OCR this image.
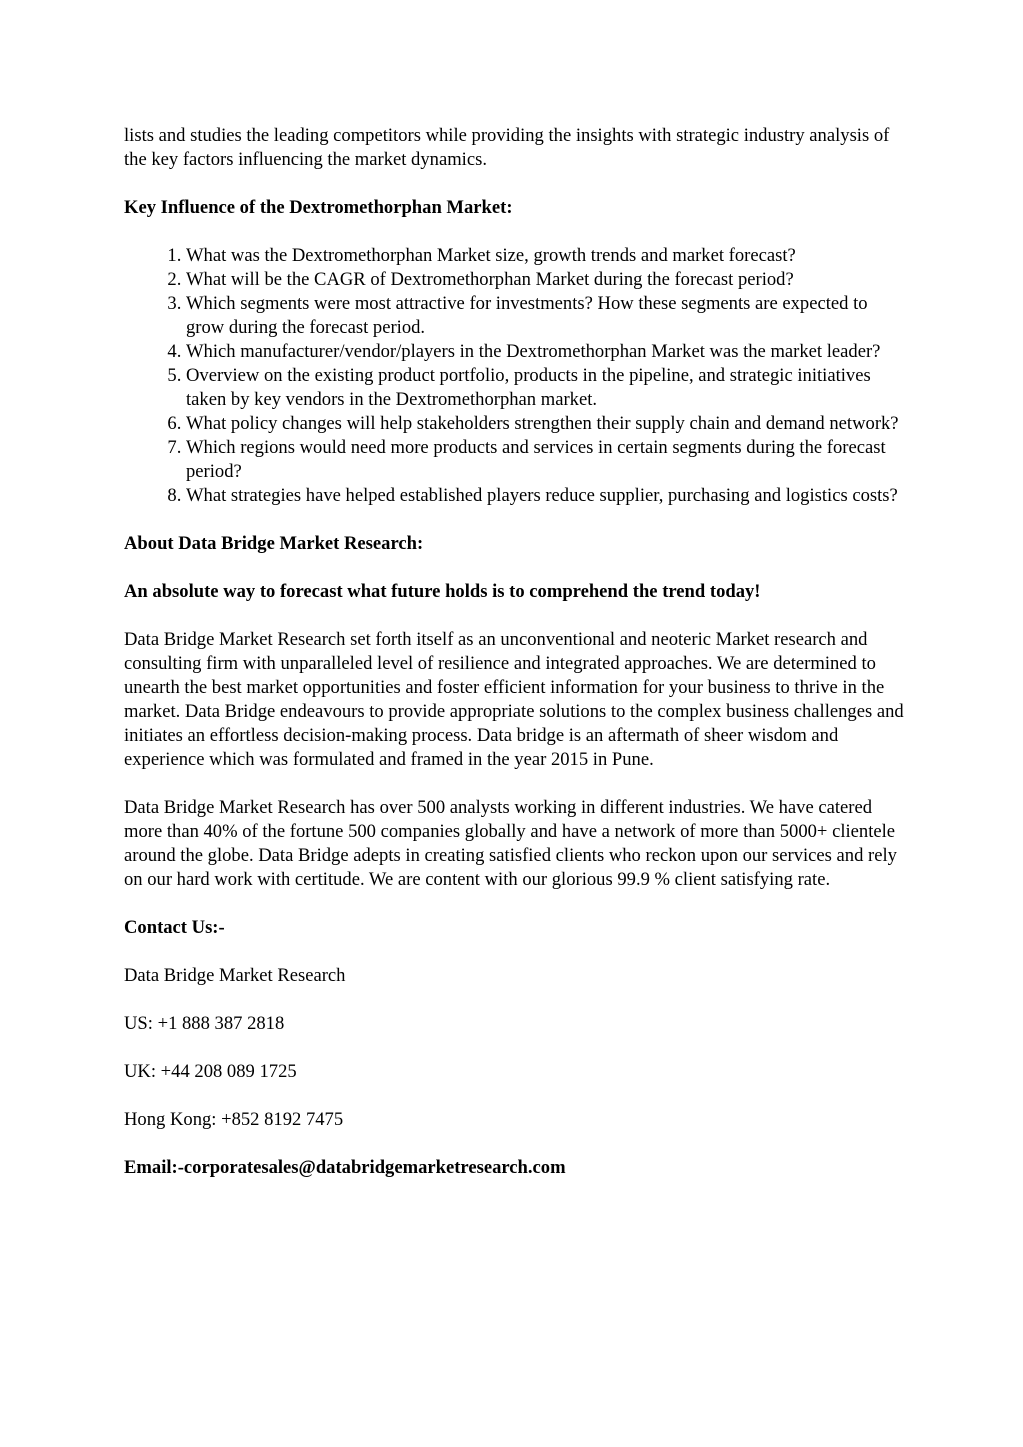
lists and studies the leading competitors while providing the insights with strategic industry analysis of the key factors influencing the market dynamics.

Key Influence of the Dextromethorphan Market:

1. What was the Dextromethorphan Market size, growth trends and market forecast?
2. What will be the CAGR of Dextromethorphan Market during the forecast period?
3. Which segments were most attractive for investments? How these segments are expected to grow during the forecast period.
4. Which manufacturer/vendor/players in the Dextromethorphan Market was the market leader?
5. Overview on the existing product portfolio, products in the pipeline, and strategic initiatives taken by key vendors in the Dextromethorphan market.
6. What policy changes will help stakeholders strengthen their supply chain and demand network?
7. Which regions would need more products and services in certain segments during the forecast period?
8. What strategies have helped established players reduce supplier, purchasing and logistics costs?

About Data Bridge Market Research:

An absolute way to forecast what future holds is to comprehend the trend today!

Data Bridge Market Research set forth itself as an unconventional and neoteric Market research and consulting firm with unparalleled level of resilience and integrated approaches. We are determined to unearth the best market opportunities and foster efficient information for your business to thrive in the market. Data Bridge endeavours to provide appropriate solutions to the complex business challenges and initiates an effortless decision-making process. Data bridge is an aftermath of sheer wisdom and experience which was formulated and framed in the year 2015 in Pune.

Data Bridge Market Research has over 500 analysts working in different industries. We have catered more than 40% of the fortune 500 companies globally and have a network of more than 5000+ clientele around the globe. Data Bridge adepts in creating satisfied clients who reckon upon our services and rely on our hard work with certitude. We are content with our glorious 99.9 % client satisfying rate.

Contact Us:-

Data Bridge Market Research

US: +1 888 387 2818

UK: +44 208 089 1725

Hong Kong: +852 8192 7475

Email:-corporatesales@databridgemarketresearch.com
